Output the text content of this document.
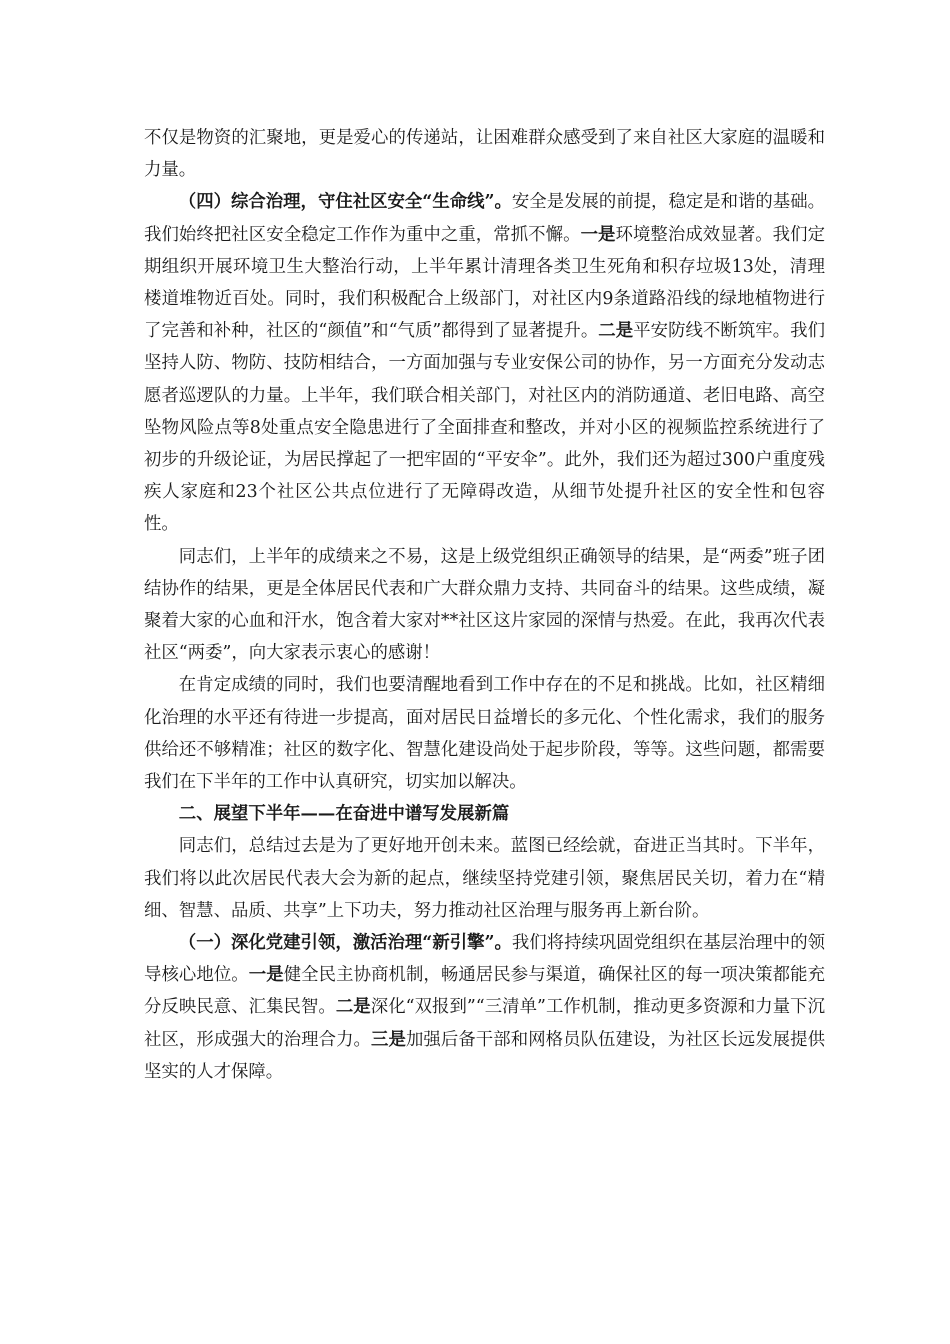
不仅是物资的汇聚地，更是爱心的传递站，让困难群众感受到了来自社区大家庭的温暖和力量。

（四）综合治理，守住社区安全“生命线”。安全是发展的前提，稳定是和谐的基础。我们始终把社区安全稳定工作作为重中之重，常抓不懈。一是环境整治成效显著。我们定期组织开展环境卫生大整治行动，上半年累计清理各类卫生死角和积存垃圾13处，清理楼道堆物近百处。同时，我们积极配合上级部门，对社区内9条道路沿线的绿地植物进行了完善和补种，社区的“颜值”和“气质”都得到了显著提升。二是平安防线不断筑牢。我们坚持人防、物防、技防相结合，一方面加强与专业安保公司的协作，另一方面充分发动志愿者巡逻队的力量。上半年，我们联合相关部门，对社区内的消防通道、老旧电路、高空坠物风险点等8处重点安全隐患进行了全面排查和整改，并对小区的视频监控系统进行了初步的升级论证，为居民撑起了一把牢固的“平安伞”。此外，我们还为超过300户重度残疾人家庭和23个社区公共点位进行了无障碍改造，从细节处提升社区的安全性和包容性。

同志们，上半年的成绩来之不易，这是上级党组织正确领导的结果，是“两委”班子团结协作的结果，更是全体居民代表和广大群众鼎力支持、共同奋斗的结果。这些成绩，凝聚着大家的心血和汗水，饱含着大家对**社区这片家园的深情与热爱。在此，我再次代表社区“两委”，向大家表示衷心的感谢！

在肯定成绩的同时，我们也要清醒地看到工作中存在的不足和挑战。比如，社区精细化治理的水平还有待进一步提高，面对居民日益增长的多元化、个性化需求，我们的服务供给还不够精准；社区的数字化、智慧化建设尚处于起步阶段，等等。这些问题，都需要我们在下半年的工作中认真研究，切实加以解决。

二、展望下半年——在奋进中谱写发展新篇

同志们，总结过去是为了更好地开创未来。蓝图已经绘就，奋进正当其时。下半年，我们将以此次居民代表大会为新的起点，继续坚持党建引领，聚焦居民关切，着力在“精细、智慧、品质、共享”上下功夫，努力推动社区治理与服务再上新台阶。

（一）深化党建引领，激活治理“新引擎”。我们将持续巩固党组织在基层治理中的领导核心地位。一是健全民主协商机制，畅通居民参与渠道，确保社区的每一项决策都能充分反映民意、汇集民智。二是深化“双报到”“三清单”工作机制，推动更多资源和力量下沉社区，形成强大的治理合力。三是加强后备干部和网格员队伍建设，为社区长远发展提供坚实的人才保障。
